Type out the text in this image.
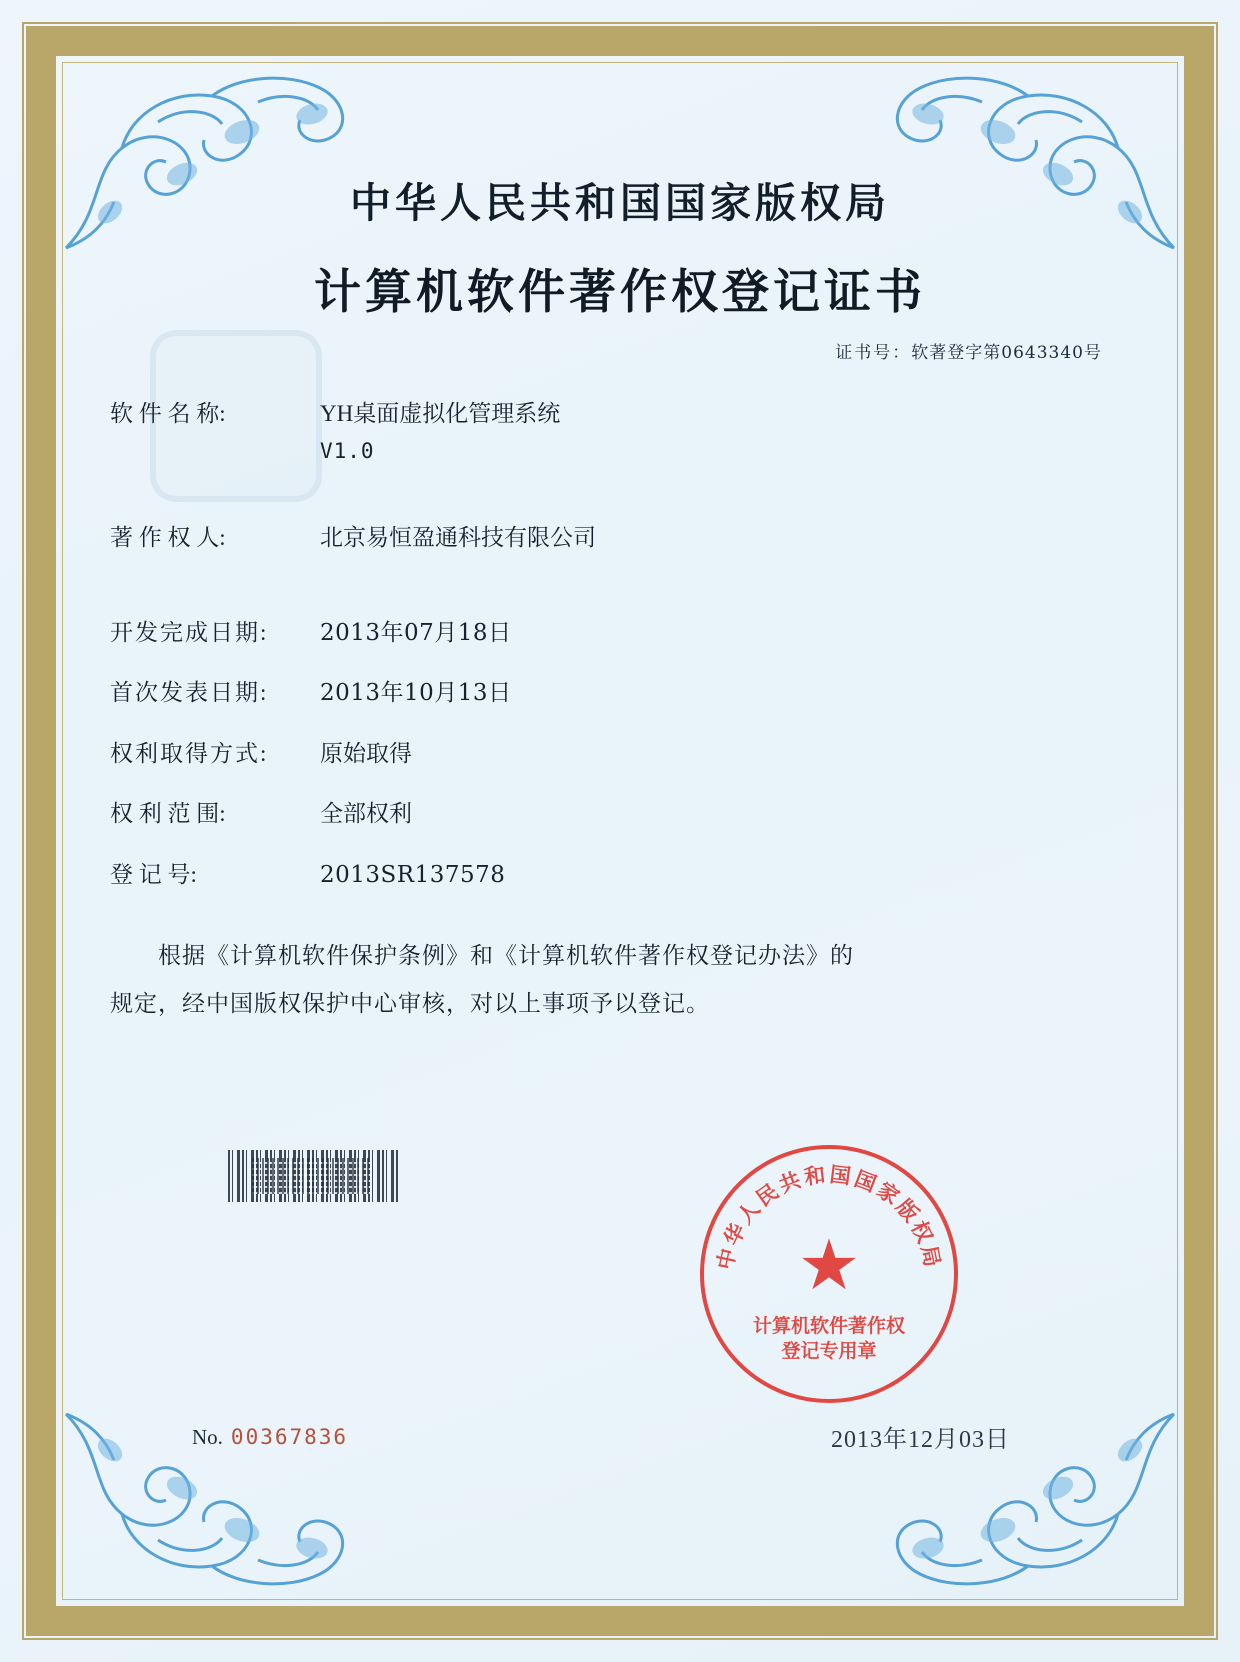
中华人民共和国国家版权局
计算机软件著作权登记证书
证书号：软著登字第0643340号
软 件 名 称:	YH桌面虚拟化管理系统
V1.0
著 作 权 人:	北京易恒盈通科技有限公司
开发完成日期:	2013年07月18日
首次发表日期:	2013年10月13日
权利取得方式:	原始取得
权 利 范 围:	全部权利
登 记 号:	2013SR137578
根据《计算机软件保护条例》和《计算机软件著作权登记办法》的
规定，经中国版权保护中心审核，对以上事项予以登记。
中华人民共和国国家版权局
★
计算机软件著作权
登记专用章
No. 00367836	2013年12月03日
